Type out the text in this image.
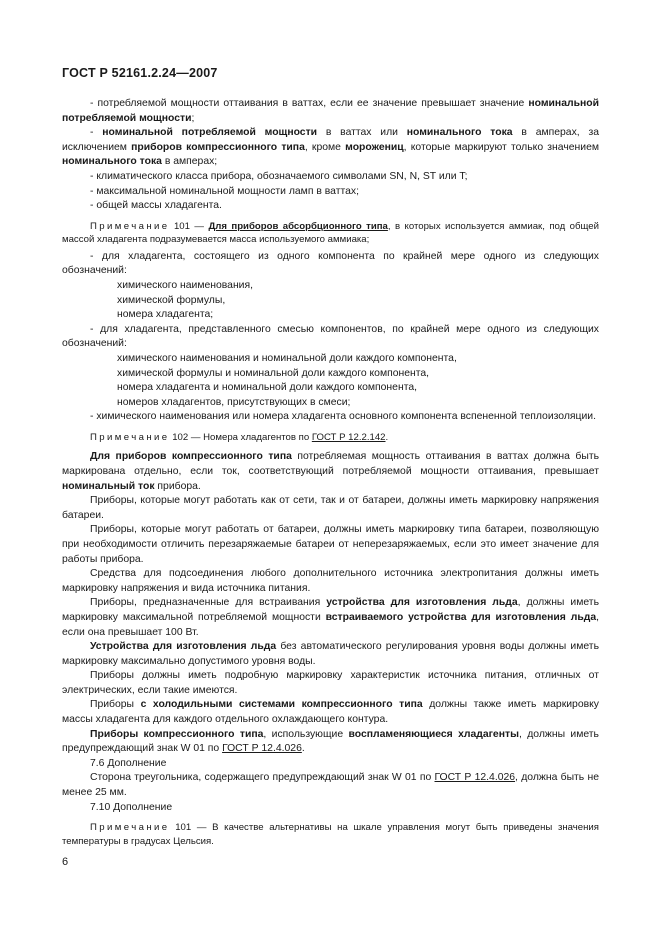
ГОСТ Р 52161.2.24—2007

- потребляемой мощности оттаивания в ваттах, если ее значение превышает значение номинальной потребляемой мощности;

- номинальной потребляемой мощности в ваттах или номинального тока в амперах, за исключением приборов компрессионного типа, кроме морожениц, которые маркируют только значением номинального тока в амперах;

- климатического класса прибора, обозначаемого символами SN, N, ST или T;

- максимальной номинальной мощности ламп в ваттах;

- общей массы хладагента.

Примечание 101 — Для приборов абсорбционного типа, в которых используется аммиак, под общей массой хладагента подразумевается масса используемого аммиака;

- для хладагента, состоящего из одного компонента по крайней мере одного из следующих обозначений:

химического наименования,

химической формулы,

номера хладагента;

- для хладагента, представленного смесью компонентов, по крайней мере одного из следующих обозначений:

химического наименования и номинальной доли каждого компонента,

химической формулы и номинальной доли каждого компонента,

номера хладагента и номинальной доли каждого компонента,

номеров хладагентов, присутствующих в смеси;

- химического наименования или номера хладагента основного компонента вспененной теплоизоляции.

Примечание 102 — Номера хладагентов по ГОСТ Р 12.2.142.

Для приборов компрессионного типа потребляемая мощность оттаивания в ваттах должна быть маркирована отдельно, если ток, соответствующий потребляемой мощности оттаивания, превышает номинальный ток прибора.

Приборы, которые могут работать как от сети, так и от батареи, должны иметь маркировку напряжения батареи.

Приборы, которые могут работать от батареи, должны иметь маркировку типа батареи, позволяющую при необходимости отличить перезаряжаемые батареи от неперезаряжаемых, если это имеет значение для работы прибора.

Средства для подсоединения любого дополнительного источника электропитания должны иметь маркировку напряжения и вида источника питания.

Приборы, предназначенные для встраивания устройства для изготовления льда, должны иметь маркировку максимальной потребляемой мощности встраиваемого устройства для изготовления льда, если она превышает 100 Вт.

Устройства для изготовления льда без автоматического регулирования уровня воды должны иметь маркировку максимально допустимого уровня воды.

Приборы должны иметь подробную маркировку характеристик источника питания, отличных от электрических, если такие имеются.

Приборы с холодильными системами компрессионного типа должны также иметь маркировку массы хладагента для каждого отдельного охлаждающего контура.

Приборы компрессионного типа, использующие воспламеняющиеся хладагенты, должны иметь предупреждающий знак W 01 по ГОСТ Р 12.4.026.

7.6 Дополнение

Сторона треугольника, содержащего предупреждающий знак W 01 по ГОСТ Р 12.4.026, должна быть не менее 25 мм.

7.10 Дополнение

Примечание 101 — В качестве альтернативы на шкале управления могут быть приведены значения температуры в градусах Цельсия.

6
